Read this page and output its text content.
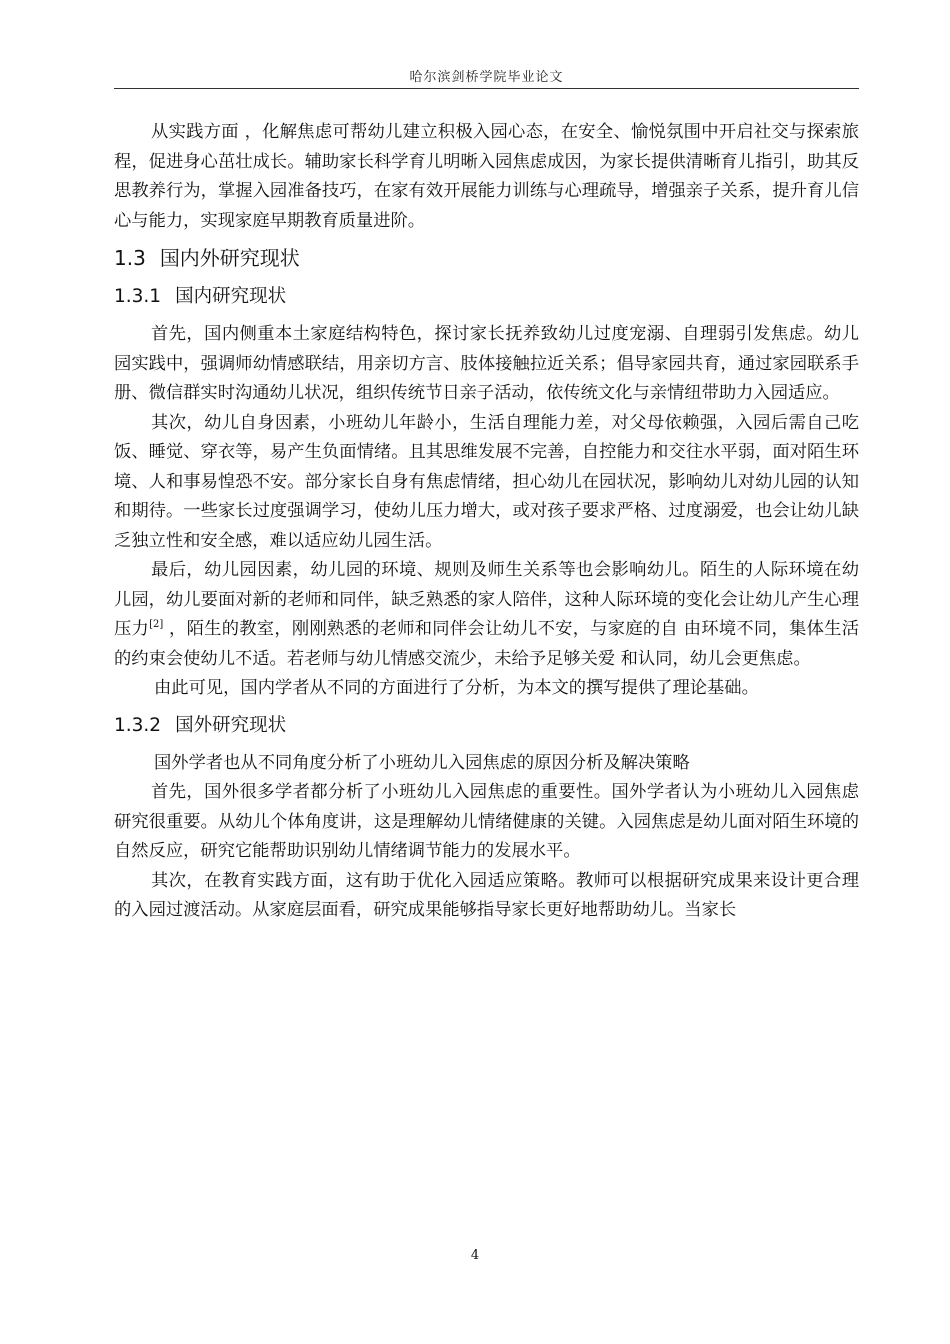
哈尔滨剑桥学院毕业论文

从实践方面 ，化解焦虑可帮幼儿建立积极入园心态，在安全、愉悦氛围中开启社交与探索旅程，促进身心茁壮成长。辅助家长科学育儿明晰入园焦虑成因，为家长提供清晰育儿指引，助其反思教养行为，掌握入园准备技巧，在家有效开展能力训练与心理疏导，增强亲子关系，提升育儿信心与能力，实现家庭早期教育质量进阶。

1.3 国内外研究现状
1.3.1 国内研究现状

首先，国内侧重本土家庭结构特色，探讨家长抚养致幼儿过度宠溺、自理弱引发焦虑。幼儿园实践中，强调师幼情感联结，用亲切方言、肢体接触拉近关系；倡导家园共育，通过家园联系手册、微信群实时沟通幼儿状况，组织传统节日亲子活动，依传统文化与亲情纽带助力入园适应。

其次，幼儿自身因素，小班幼儿年龄小，生活自理能力差，对父母依赖强，入园后需自己吃饭、睡觉、穿衣等，易产生负面情绪。且其思维发展不完善，自控能力和交往水平弱，面对陌生环境、人和事易惶恐不安。部分家长自身有焦虑情绪，担心幼儿在园状况，影响幼儿对幼儿园的认知和期待。一些家长过度强调学习，使幼儿压力增大，或对孩子要求严格、过度溺爱，也会让幼儿缺乏独立性和安全感，难以适应幼儿园生活。

最后，幼儿园因素，幼儿园的环境、规则及师生关系等也会影响幼儿。陌生的人际环境在幼儿园，幼儿要面对新的老师和同伴，缺乏熟悉的家人陪伴，这种人际环境的变化会让幼儿产生心理压力[2] ，陌生的教室，刚刚熟悉的老师和同伴会让幼儿不安，与家庭的自 由环境不同，集体生活的约束会使幼儿不适。若老师与幼儿情感交流少，未给予足够关爱 和认同，幼儿会更焦虑。

由此可见，国内学者从不同的方面进行了分析，为本文的撰写提供了理论基础。

1.3.2 国外研究现状

国外学者也从不同角度分析了小班幼儿入园焦虑的原因分析及解决策略

首先，国外很多学者都分析了小班幼儿入园焦虑的重要性。国外学者认为小班幼儿入园焦虑研究很重要。从幼儿个体角度讲，这是理解幼儿情绪健康的关键。入园焦虑是幼儿面对陌生环境的自然反应，研究它能帮助识别幼儿情绪调节能力的发展水平。

其次，在教育实践方面，这有助于优化入园适应策略。教师可以根据研究成果来设计更合理的入园过渡活动。从家庭层面看，研究成果能够指导家长更好地帮助幼儿。当家长

4
